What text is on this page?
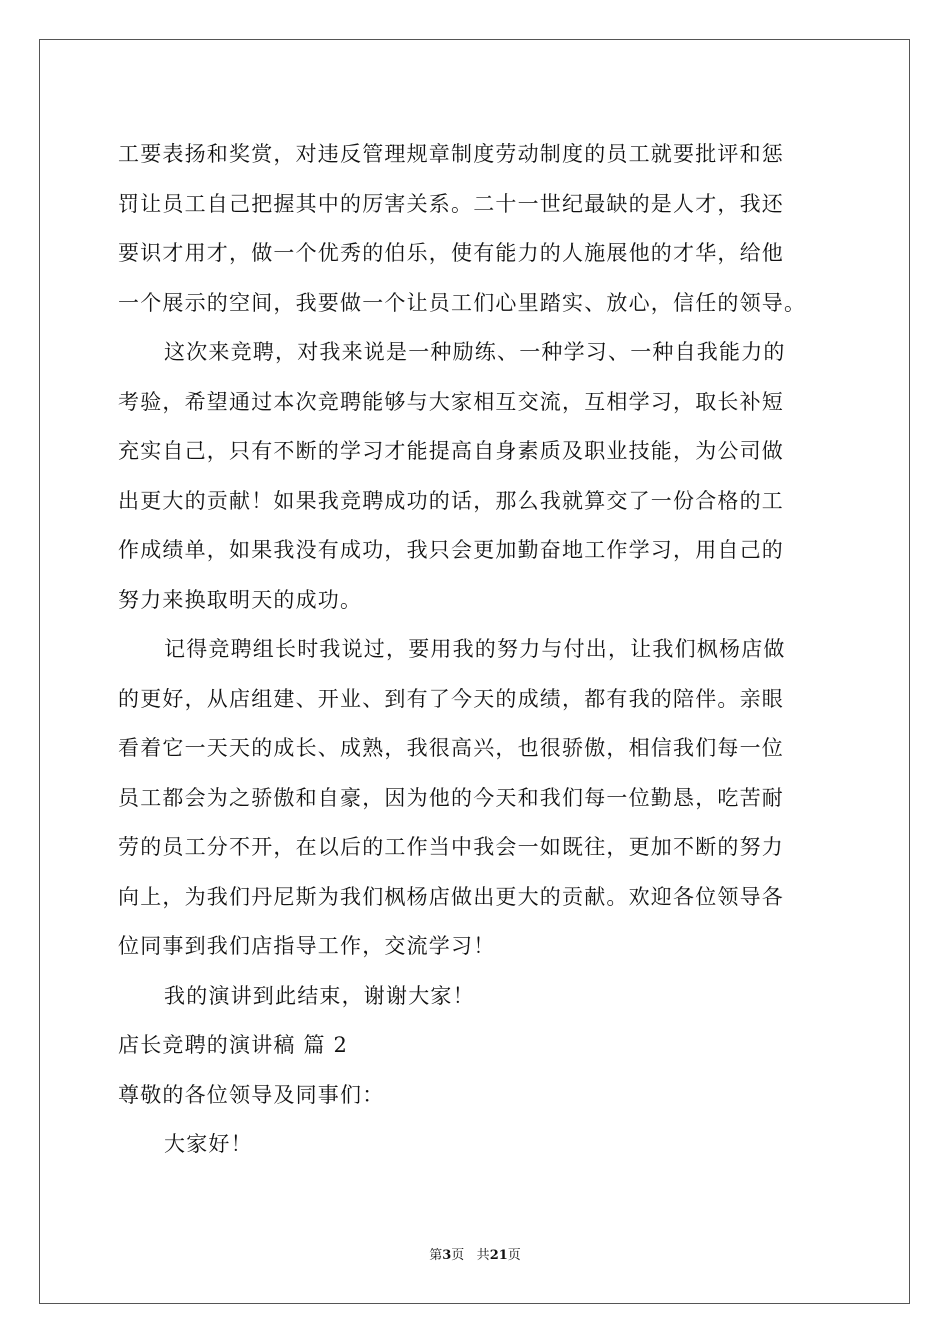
工要表扬和奖赏，对违反管理规章制度劳动制度的员工就要批评和惩
罚让员工自己把握其中的厉害关系。二十一世纪最缺的是人才，我还
要识才用才，做一个优秀的伯乐，使有能力的人施展他的才华，给他
一个展示的空间，我要做一个让员工们心里踏实、放心，信任的领导。
这次来竞聘，对我来说是一种励练、一种学习、一种自我能力的
考验，希望通过本次竞聘能够与大家相互交流，互相学习，取长补短
充实自己，只有不断的学习才能提高自身素质及职业技能，为公司做
出更大的贡献！如果我竞聘成功的话，那么我就算交了一份合格的工
作成绩单，如果我没有成功，我只会更加勤奋地工作学习，用自己的
努力来换取明天的成功。
记得竞聘组长时我说过，要用我的努力与付出，让我们枫杨店做
的更好，从店组建、开业、到有了今天的成绩，都有我的陪伴。亲眼
看着它一天天的成长、成熟，我很高兴，也很骄傲，相信我们每一位
员工都会为之骄傲和自豪，因为他的今天和我们每一位勤恳，吃苦耐
劳的员工分不开，在以后的工作当中我会一如既往，更加不断的努力
向上，为我们丹尼斯为我们枫杨店做出更大的贡献。欢迎各位领导各
位同事到我们店指导工作，交流学习！
我的演讲到此结束，谢谢大家！
店长竞聘的演讲稿 篇 2
尊敬的各位领导及同事们：
大家好！
第3页 共21页
